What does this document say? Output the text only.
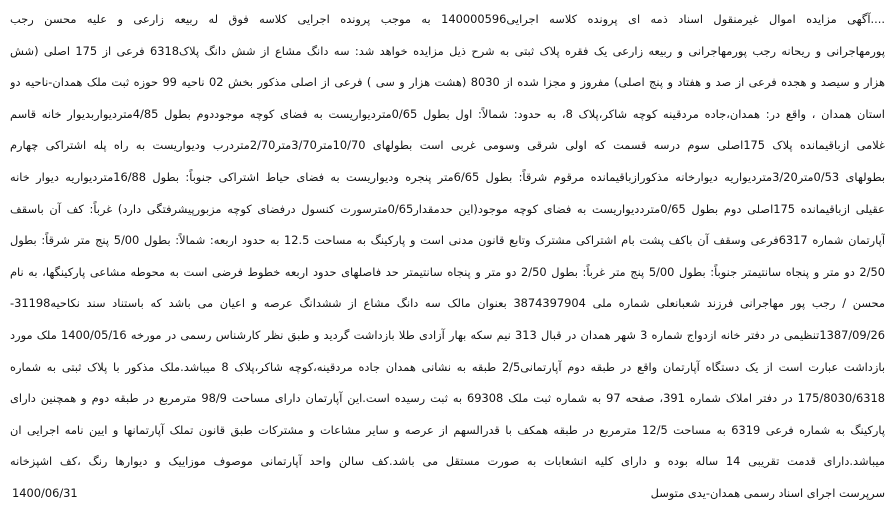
....آگهی مزایده اموال غیرمنقول اسناد ذمه ای پرونده کلاسه اجرایی140000596 به موجب پرونده اجرایی کلاسه فوق له ربیعه زارعی و علیه محسن رجب
پورمهاجرانی و ریحانه رجب پورمهاجرانی و ربیعه زارعی یک فقره پلاک ثبتی به شرح ذیل مزایده خواهد شد: سه دانگ مشاع از شش دانگ پلاک6318 فرعی از 175 اصلی (شش
هزار و سیصد و هجده فرعی از صد و هفتاد و پنج اصلی) مفروز و مجزا شده از 8030 (هشت هزار و سی ) فرعی از اصلی مذکور بخش 02 ناحیه 99 حوزه ثبت ملک همدان-ناحیه دو
استان همدان ، واقع در: همدان،جاده مردقینه کوچه شاکر،پلاک 8، به حدود: شمالاً: اول بطول 0/65متردیواریست به فضای کوچه موجوددوم بطول 4/85متردیواربدیوار خانه قاسم
غلامی ازباقیمانده پلاک 175اصلی سوم درسه قسمت که اولی شرقی وسومی غربی است بطولهای 10/70متر3/70متر2/70متردرب ودیواریست به راه پله اشتراکی چهارم
بطولهای 0/53متر3/20متردیواریه دیوارخانه مذکورازباقیمانده مرقوم شرقاً: بطول 6/65متر پنجره ودیواریست به فضای حیاط اشتراکی جنوباً: بطول 16/88متردیواریه دیوار خانه
عقیلی ازباقیمانده 175اصلی دوم بطول 0/65مترددیواریست به فضای کوچه موجود(این حدمقدار0/65مترسورت کنسول درفضای کوچه مزبورپیشرفتگی دارد) غرباً: کف آن باسقف
آپارتمان شماره 6317فرعی وسقف آن باکف پشت بام اشتراکی مشترک وتابع قانون مدنی است و پارکینگ به مساحت 12.5 به حدود اربعه: شمالاً: بطول 5/00 پنج متر شرقاً: بطول
2/50 دو متر و پنجاه سانتیمتر جنوباً: بطول 5/00 پنج متر غرباً: بطول 2/50 دو متر و پنجاه سانتیمتر حد فاصلهای حدود اربعه خطوط فرضی است به محوطه مشاعی پارکینگها، به نام
محسن / رجب پور مهاجرانی فرزند شعبانعلی شماره ملی 3874397904 بعنوان مالک سه دانگ مشاع از ششدانگ عرصه و اعیان می باشد که باستناد سند نکاحیه31198-
1387/09/26تنظیمی در دفتر خانه ازدواج شماره 3 شهر همدان در قبال 313 نیم سکه بهار آزادی طلا بازداشت گردید و طبق نظر کارشناس رسمی در مورخه 1400/05/16 ملک مورد
بازداشت عبارت است از یک دستگاه آپارتمان واقع در طبقه دوم آپارتمانی2/5 طبقه به نشانی همدان جاده مردقینه،کوچه شاکر،پلاک 8 میباشد.ملک مذکور با پلاک ثبتی به شماره
175/8030/6318 در دفتر املاک شماره 391، صفحه 97 به شماره ثبت ملک 69308 به ثبت رسیده است.این آپارتمان دارای مساحت 98/9 مترمربع در طبقه دوم و همچنین دارای
پارکینگ به شماره فرعی 6319 به مساحت 12/5 مترمربع در طبقه همکف با قدرالسهم از عرصه و سایر مشاعات و مشترکات طبق قانون تملک آپارتمانها و ایین نامه اجرایی ان
میباشد.دارای قدمت تقریبی 14 ساله بوده و دارای کلیه انشعابات به صورت مستقل می باشد.کف سالن واحد آپارتمانی موصوف موزاییک و دیوارها رنگ ،کف اشپزخانه
سرپرست اجرای اسناد رسمی همدان-یدی متوسل
1400/06/31
